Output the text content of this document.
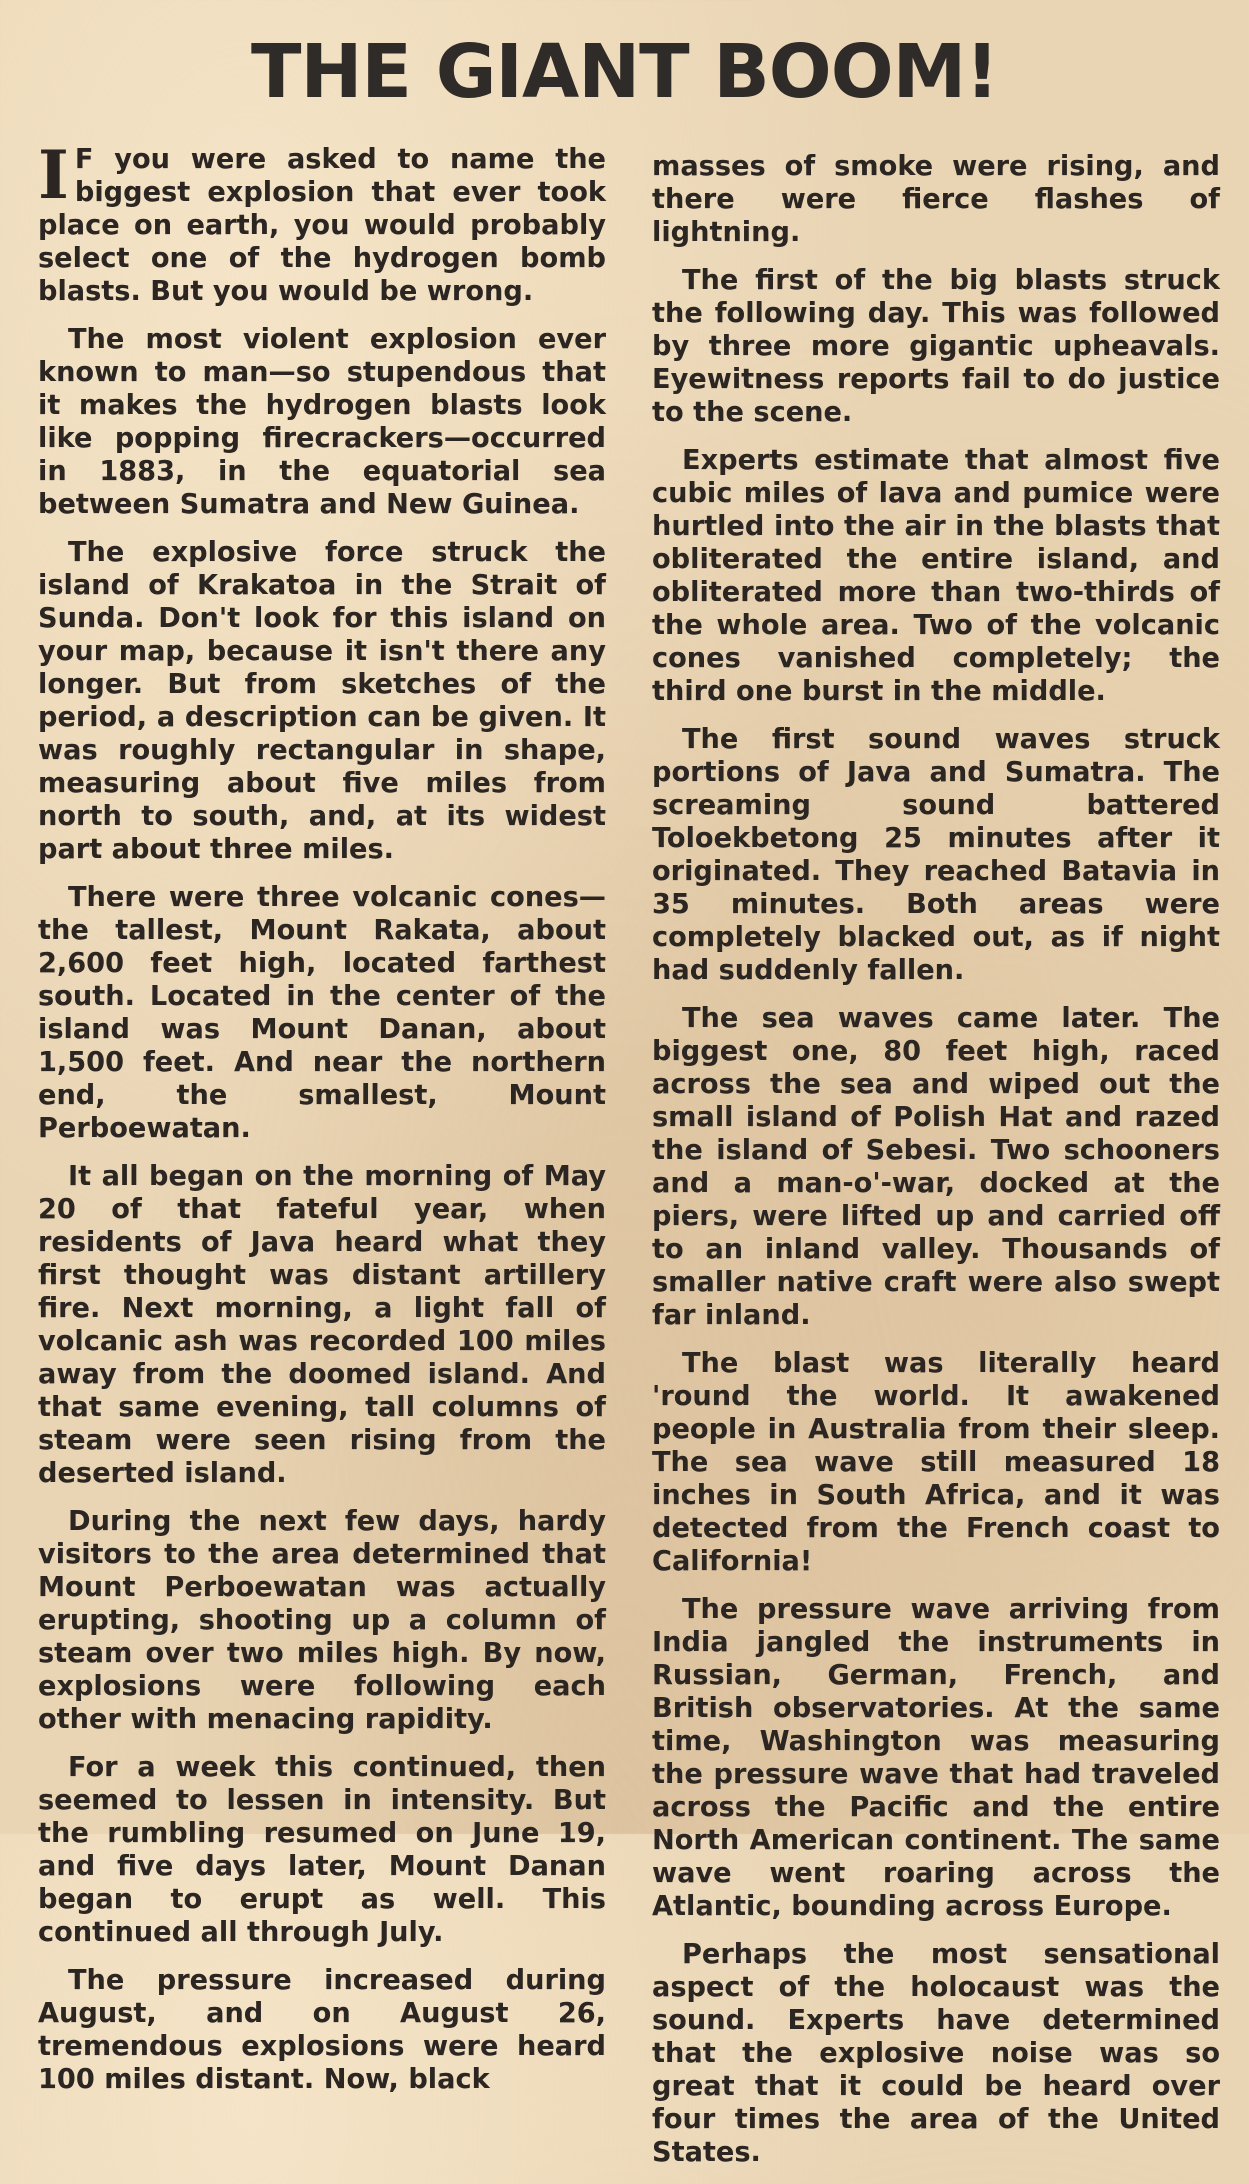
THE GIANT BOOM!

I F you were asked to name the biggest explosion that ever took place on earth, you would probably select one of the hydrogen bomb blasts. But you would be wrong.

The most violent explosion ever known to man—so stupendous that it makes the hydrogen blasts look like popping firecrackers—occurred in 1883, in the equatorial sea between Sumatra and New Guinea.

The explosive force struck the island of Krakatoa in the Strait of Sunda. Don't look for this island on your map, because it isn't there any longer. But from sketches of the period, a description can be given. It was roughly rectangular in shape, measuring about five miles from north to south, and, at its widest part about three miles.

There were three volcanic cones—the tallest, Mount Rakata, about 2,600 feet high, located farthest south. Located in the center of the island was Mount Danan, about 1,500 feet. And near the northern end, the smallest, Mount Perboewatan.

It all began on the morning of May 20 of that fateful year, when residents of Java heard what they first thought was distant artillery fire. Next morning, a light fall of volcanic ash was recorded 100 miles away from the doomed island. And that same evening, tall columns of steam were seen rising from the deserted island.

During the next few days, hardy visitors to the area determined that Mount Perboewatan was actually erupting, shooting up a column of steam over two miles high. By now, explosions were following each other with menacing rapidity.

For a week this continued, then seemed to lessen in intensity. But the rumbling resumed on June 19, and five days later, Mount Danan began to erupt as well. This continued all through July.

The pressure increased during August, and on August 26, tremendous explosions were heard 100 miles distant. Now, black

masses of smoke were rising, and there were fierce flashes of lightning.

The first of the big blasts struck the following day. This was followed by three more gigantic upheavals. Eyewitness reports fail to do justice to the scene.

Experts estimate that almost five cubic miles of lava and pumice were hurtled into the air in the blasts that obliterated the entire island, and obliterated more than two-thirds of the whole area. Two of the volcanic cones vanished completely; the third one burst in the middle.

The first sound waves struck portions of Java and Sumatra. The screaming sound battered Toloekbetong 25 minutes after it originated. They reached Batavia in 35 minutes. Both areas were completely blacked out, as if night had suddenly fallen.

The sea waves came later. The biggest one, 80 feet high, raced across the sea and wiped out the small island of Polish Hat and razed the island of Sebesi. Two schooners and a man-o'-war, docked at the piers, were lifted up and carried off to an inland valley. Thousands of smaller native craft were also swept far inland.

The blast was literally heard 'round the world. It awakened people in Australia from their sleep. The sea wave still measured 18 inches in South Africa, and it was detected from the French coast to California!

The pressure wave arriving from India jangled the instruments in Russian, German, French, and British observatories. At the same time, Washington was measuring the pressure wave that had traveled across the Pacific and the entire North American continent. The same wave went roaring across the Atlantic, bounding across Europe.

Perhaps the most sensational aspect of the holocaust was the sound. Experts have determined that the explosive noise was so great that it could be heard over four times the area of the United States.
